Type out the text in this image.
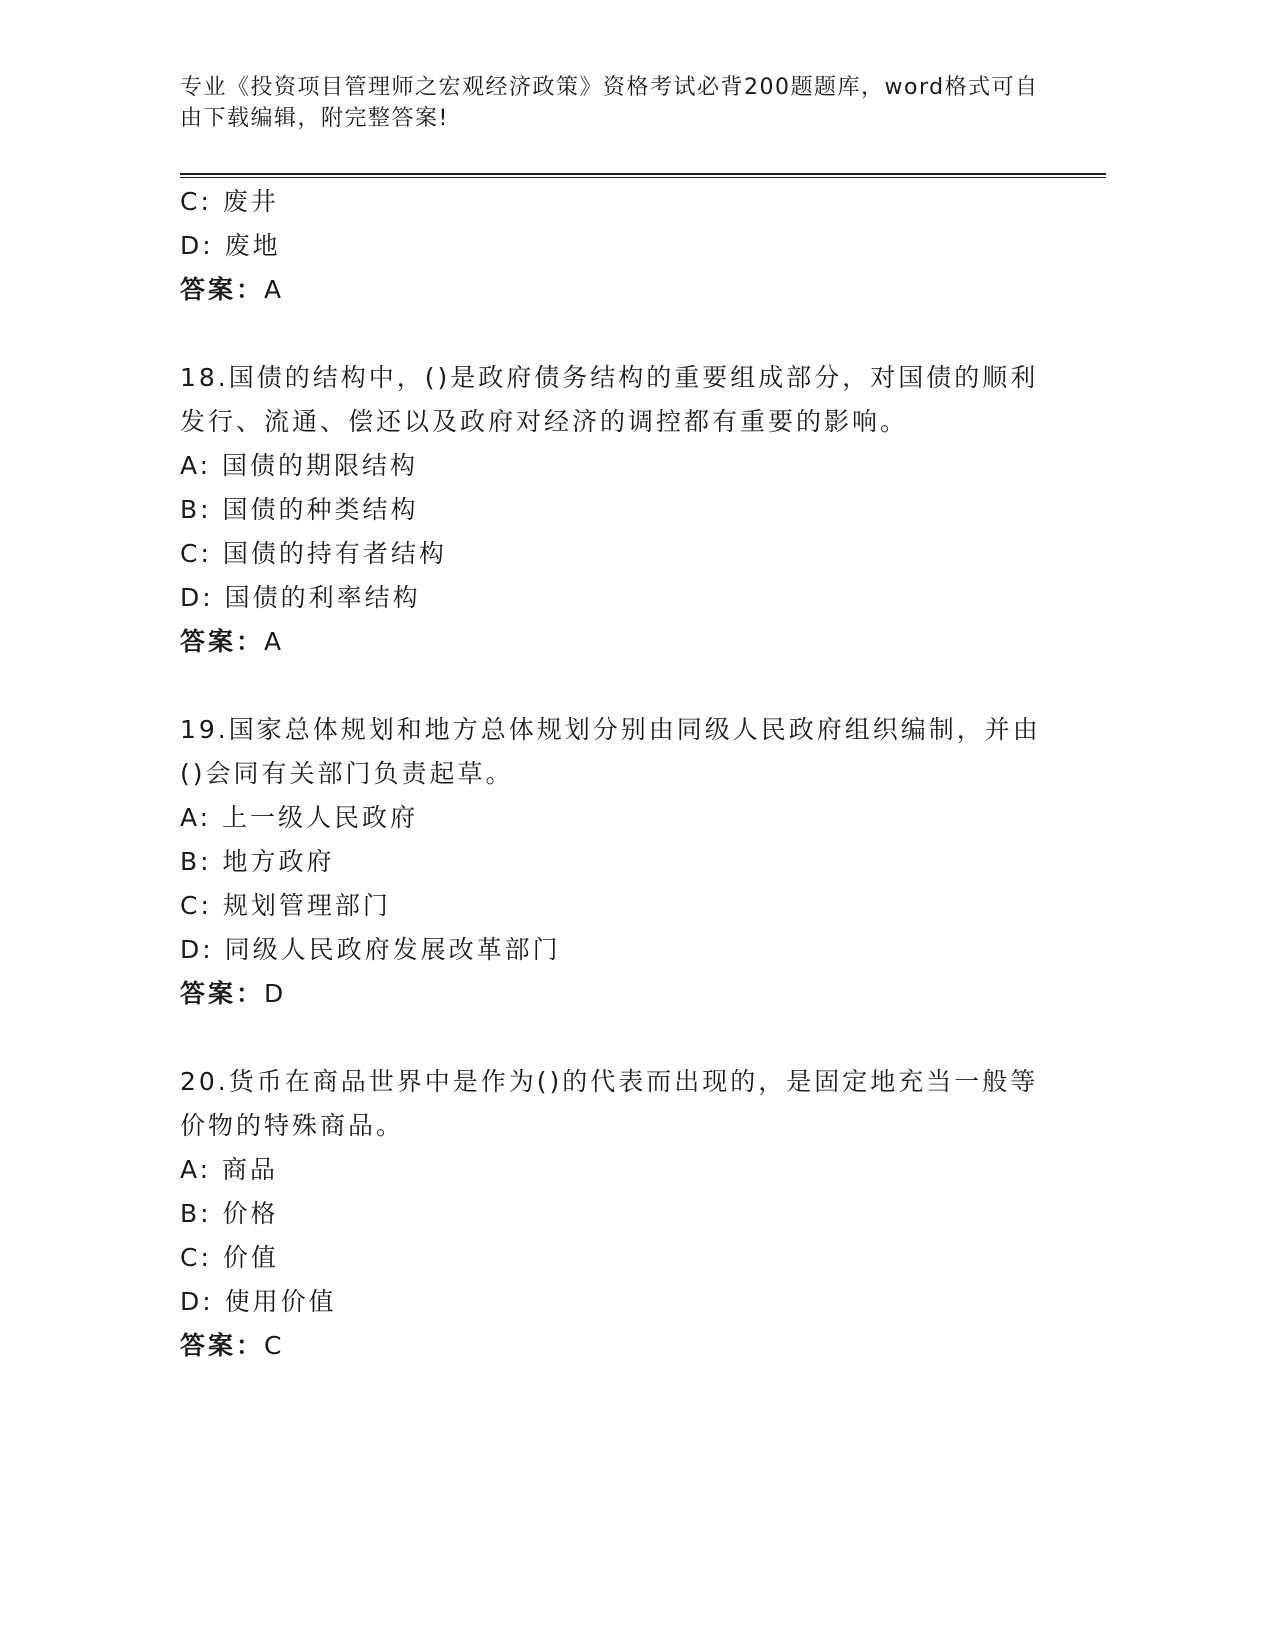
专业《投资项目管理师之宏观经济政策》资格考试必背200题题库，word格式可自由下载编辑，附完整答案!
C: 废井
D: 废地
答案：A
18.国债的结构中，()是政府债务结构的重要组成部分，对国债的顺利发行、流通、偿还以及政府对经济的调控都有重要的影响。
A: 国债的期限结构
B: 国债的种类结构
C: 国债的持有者结构
D: 国债的利率结构
答案：A
19.国家总体规划和地方总体规划分别由同级人民政府组织编制，并由()会同有关部门负责起草。
A: 上一级人民政府
B: 地方政府
C: 规划管理部门
D: 同级人民政府发展改革部门
答案：D
20.货币在商品世界中是作为()的代表而出现的，是固定地充当一般等价物的特殊商品。
A: 商品
B: 价格
C: 价值
D: 使用价值
答案：C
